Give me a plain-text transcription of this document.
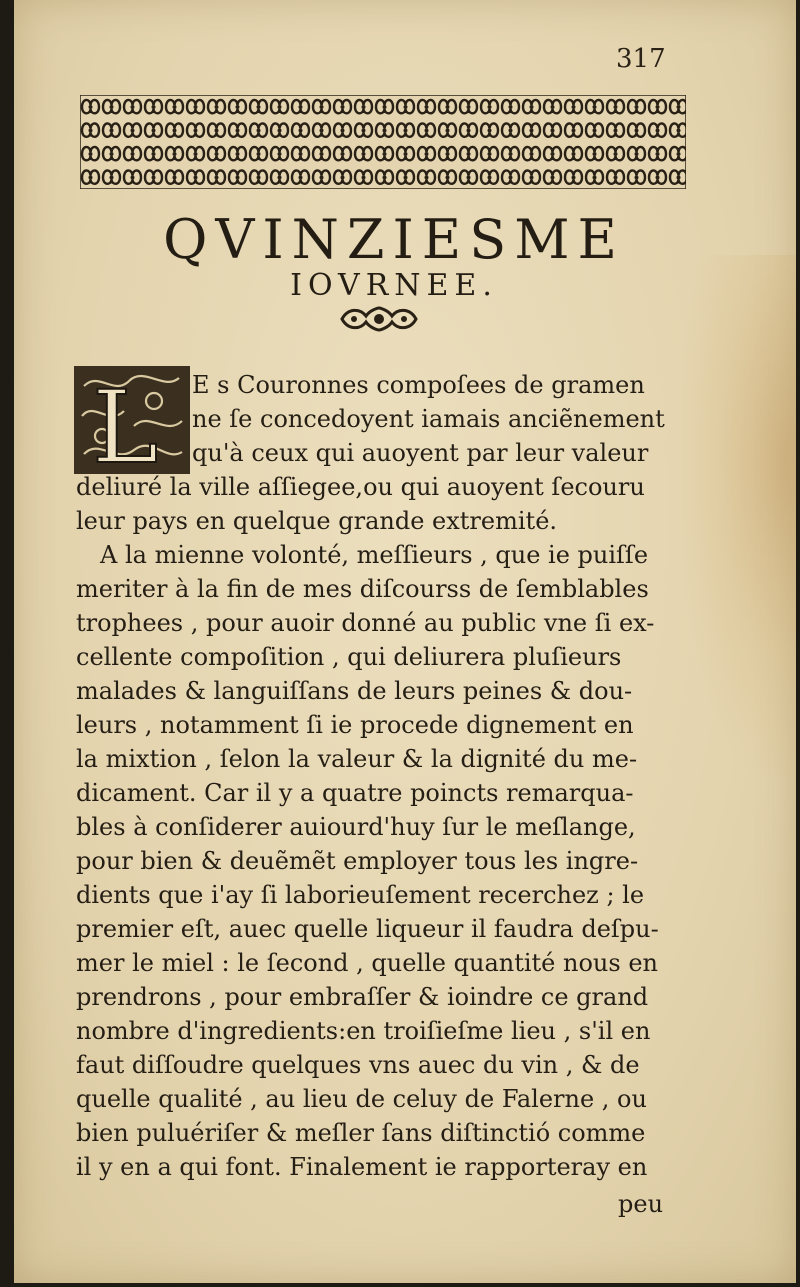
317
QVINZIESME
IOVRNEE.
L E s Couronnes compoſees de gramen
ne ſe concedoyent iamais anciẽnement
qu'à ceux qui auoyent par leur valeur
deliuré la ville aſſiegee,ou qui auoyent ſecouru
leur pays en quelque grande extremité.
A la mienne volonté, meſſieurs , que ie puiſſe
meriter à la fin de mes diſcourss de ſemblables
trophees , pour auoir donné au public vne ſi ex-
cellente compoſition , qui deliurera pluſieurs
malades & languiſſans de leurs peines & dou-
leurs , notamment ſi ie procede dignement en
la mixtion , ſelon la valeur & la dignité du me-
dicament. Car il y a quatre poincts remarqua-
bles à conſiderer auiourd'huy ſur le meſlange,
pour bien & deuẽmẽt employer tous les ingre-
dients que i'ay ſi laborieuſement recerchez ; le
premier eſt, auec quelle liqueur il faudra deſpu-
mer le miel : le ſecond , quelle quantité nous en
prendrons , pour embraſſer & ioindre ce grand
nombre d'ingredients:en troiſieſme lieu , s'il en
faut diſſoudre quelques vns auec du vin , & de
quelle qualité , au lieu de celuy de Falerne , ou
bien puluériſer & meſler ſans diſtinctió comme
il y en a qui font. Finalement ie rapporteray en
peu
